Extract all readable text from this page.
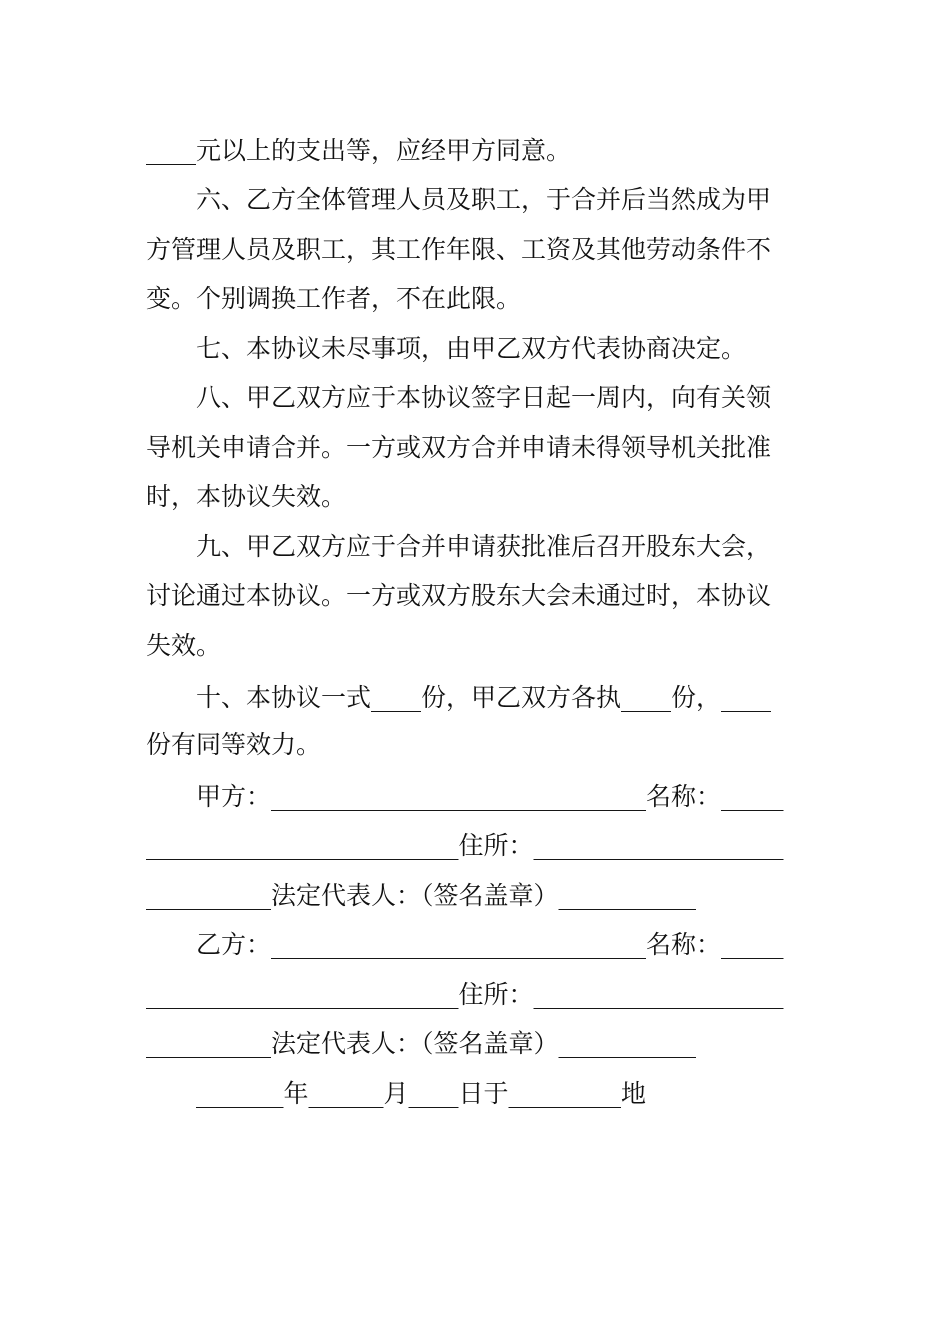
____元以上的支出等，应经甲方同意。

六、乙方全体管理人员及职工，于合并后当然成为甲

方管理人员及职工，其工作年限、工资及其他劳动条件不

变。个别调换工作者，不在此限。

七、本协议未尽事项，由甲乙双方代表协商决定。

八、甲乙双方应于本协议签字日起一周内，向有关领

导机关申请合并。一方或双方合并申请未得领导机关批准

时，本协议失效。

九、甲乙双方应于合并申请获批准后召开股东大会，

讨论通过本协议。一方或双方股东大会未通过时，本协议

失效。

十、本协议一式____份，甲乙双方各执____份，____

份有同等效力。

甲方：______________________________名称：_____

_________________________住所：____________________

__________法定代表人：（签名盖章）___________

乙方：______________________________名称：_____

_________________________住所：____________________

__________法定代表人：（签名盖章）___________

_______年______月____日于_________地
